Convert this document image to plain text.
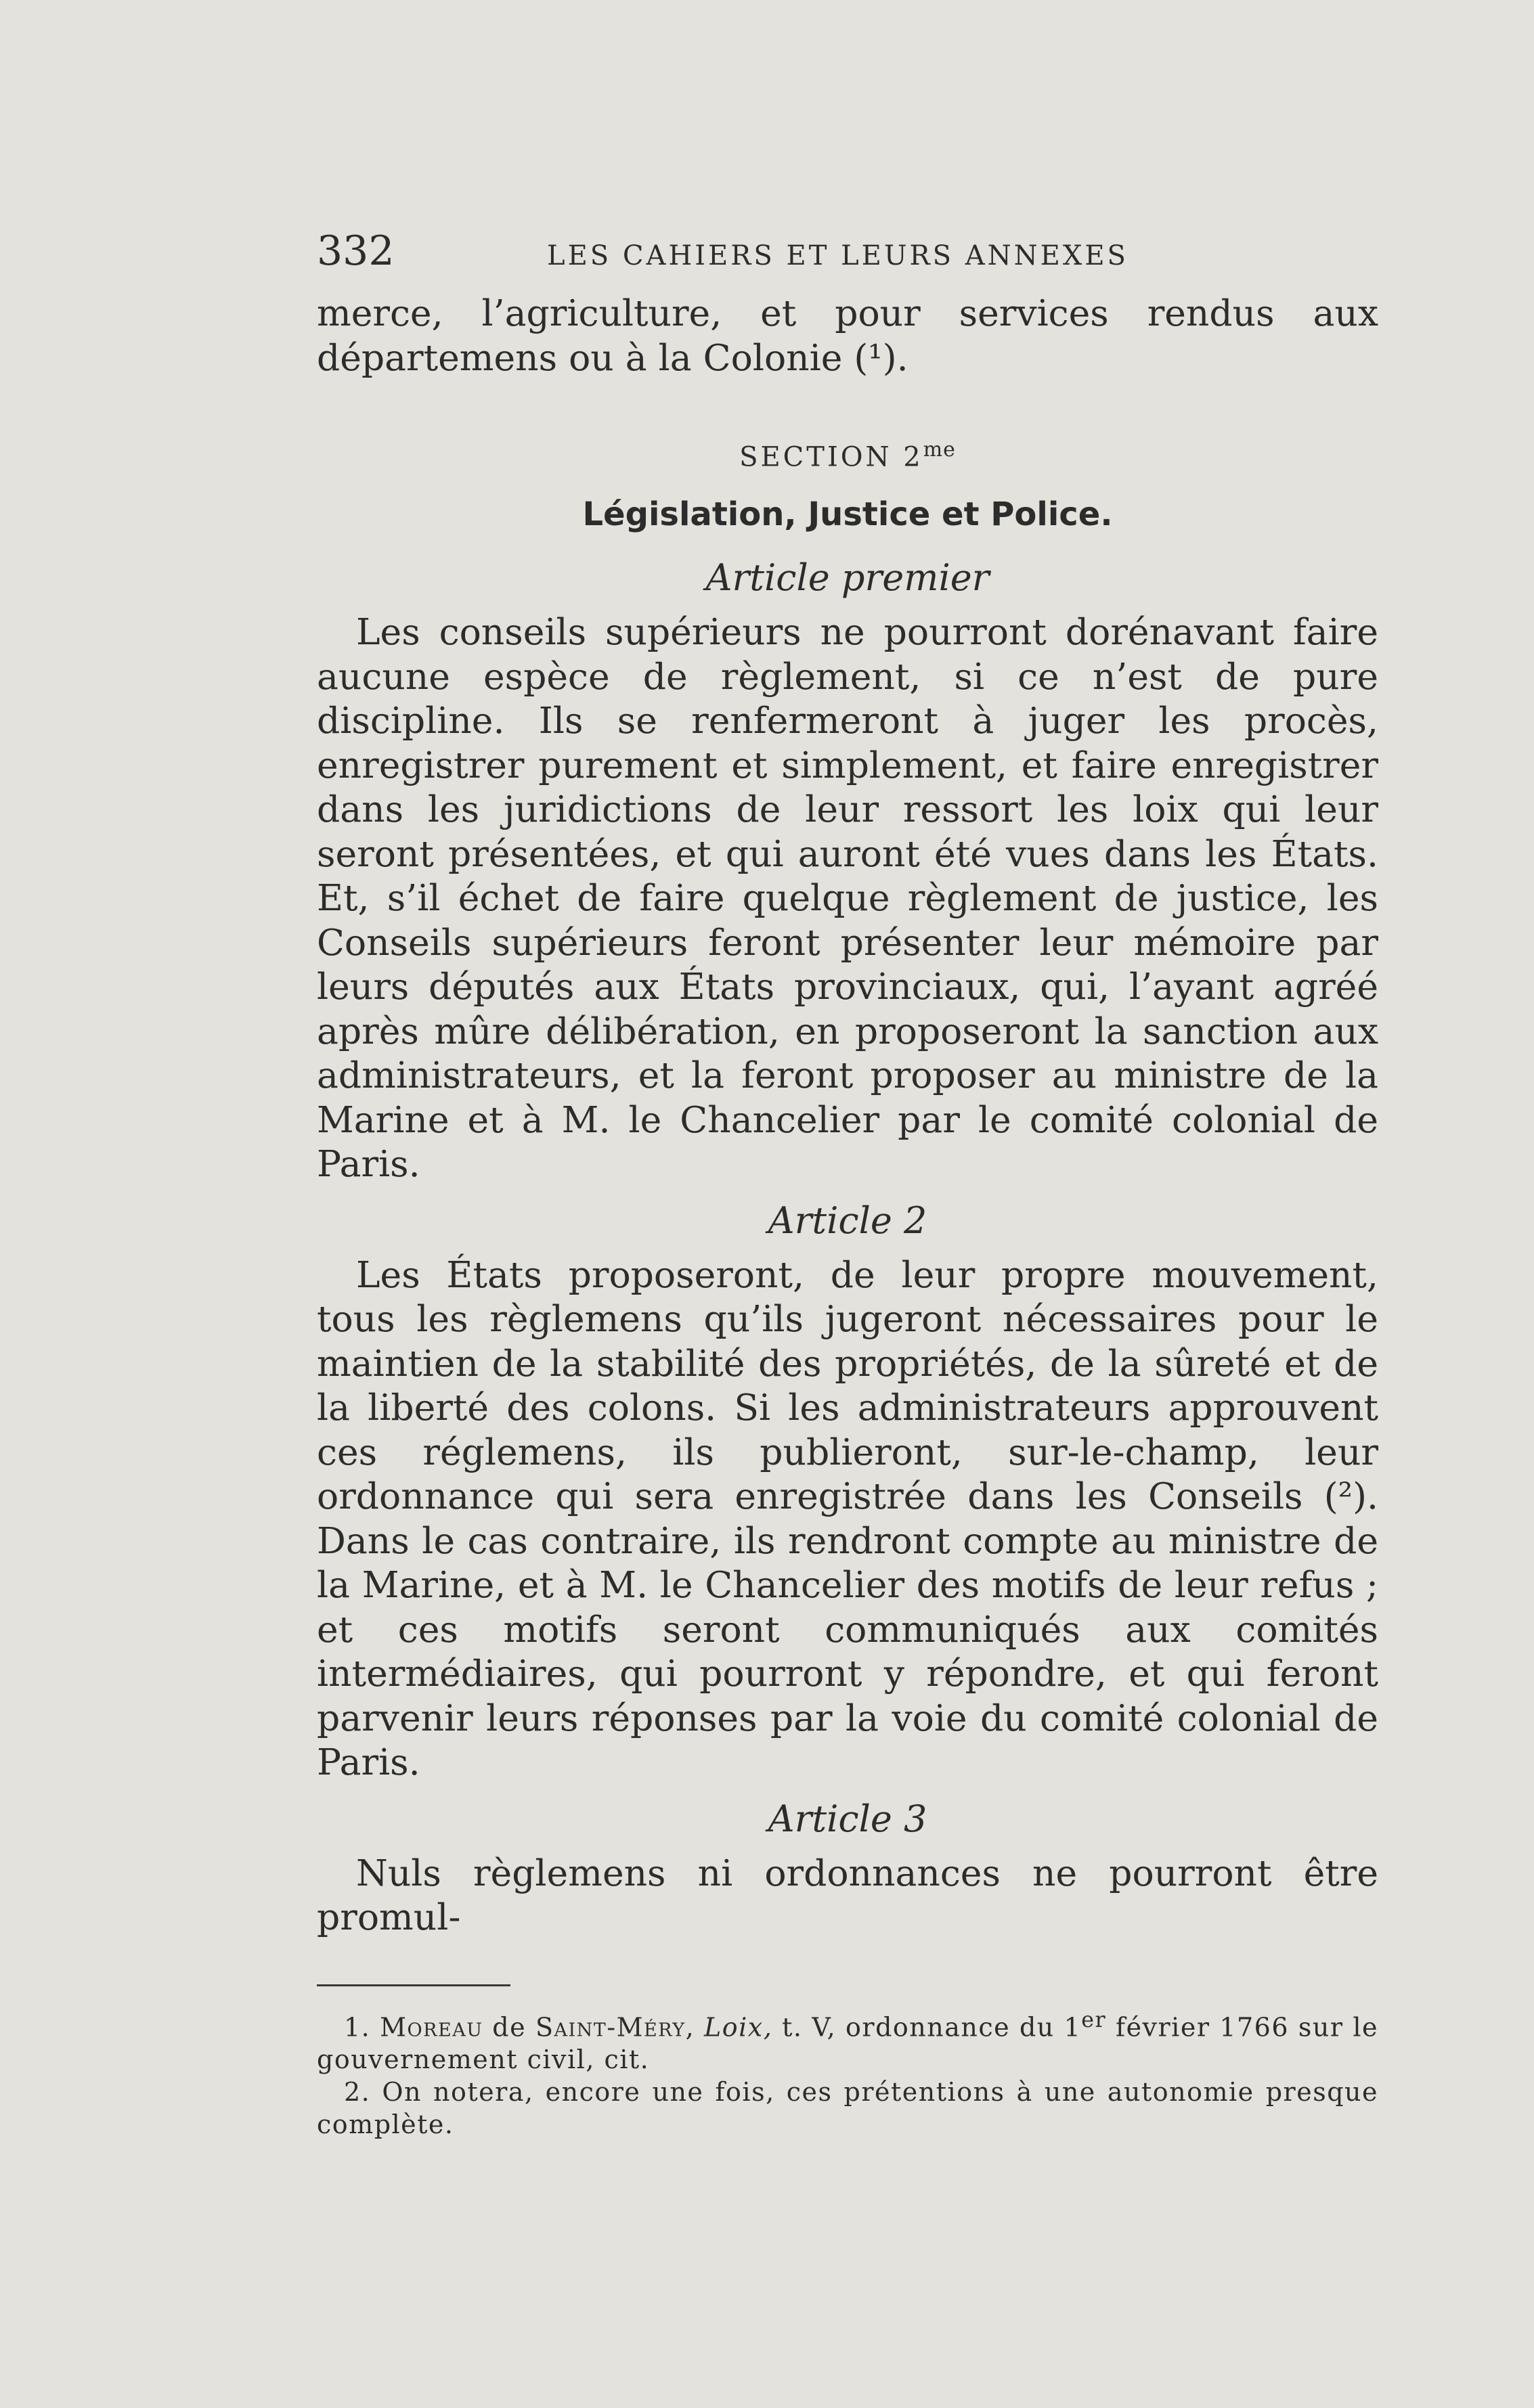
332	LES CAHIERS ET LEURS ANNEXES

merce, l’agriculture, et pour services rendus aux départemens ou à la Colonie (¹).

SECTION $2^{me}$
Législation, Justice et Police.
Article premier

Les conseils supérieurs ne pourront dorénavant faire aucune espèce de règlement, si ce n’est de pure discipline. Ils se renfermeront à juger les procès, enregistrer purement et simplement, et faire enregistrer dans les juridictions de leur ressort les loix qui leur seront présentées, et qui auront été vues dans les États. Et, s’il échet de faire quelque règlement de justice, les Conseils supérieurs feront présenter leur mémoire par leurs députés aux États provinciaux, qui, l’ayant agréé après mûre délibération, en proposeront la sanction aux administrateurs, et la feront proposer au ministre de la Marine et à M. le Chancelier par le comité colonial de Paris.

Article 2

Les États proposeront, de leur propre mouvement, tous les règlemens qu’ils jugeront nécessaires pour le maintien de la stabilité des propriétés, de la sûreté et de la liberté des colons. Si les administrateurs approuvent ces réglemens, ils publieront, sur-le-champ, leur ordonnance qui sera enregistrée dans les Conseils (²). Dans le cas contraire, ils rendront compte au ministre de la Marine, et à M. le Chancelier des motifs de leur refus ; et ces motifs seront communiqués aux comités intermédiaires, qui pourront y répondre, et qui feront parvenir leurs réponses par la voie du comité colonial de Paris.

Article 3

Nuls règlemens ni ordonnances ne pourront être promul-

1. Moreau de Saint-Méry, Loix, t. V, ordonnance du 1er février 1766 sur le gouvernement civil, cit.

2. On notera, encore une fois, ces prétentions à une autonomie presque complète.
